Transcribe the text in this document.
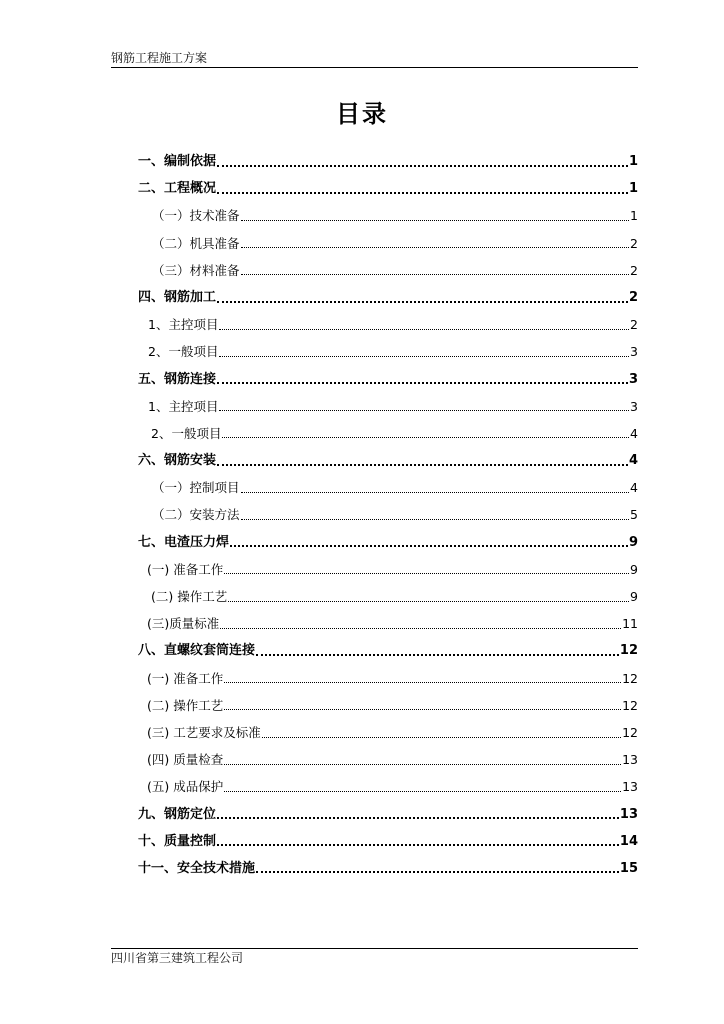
钢筋工程施工方案
目录
一、编制依据	1
二、工程概况	1
（一）技术准备	1
（二）机具准备	2
（三）材料准备	2
四、钢筋加工	2
1、主控项目	2
2、一般项目	3
五、钢筋连接	3
1、主控项目	3
2、一般项目	4
六、钢筋安装	4
（一）控制项目	4
（二）安装方法	5
七、电渣压力焊	9
(一) 准备工作	9
(二) 操作工艺	9
(三)质量标准	11
八、直螺纹套筒连接	12
(一) 准备工作	12
(二) 操作工艺	12
(三) 工艺要求及标准	12
(四) 质量检查	13
(五) 成品保护	13
九、钢筋定位	13
十、质量控制	14
十一、安全技术措施	15
四川省第三建筑工程公司
